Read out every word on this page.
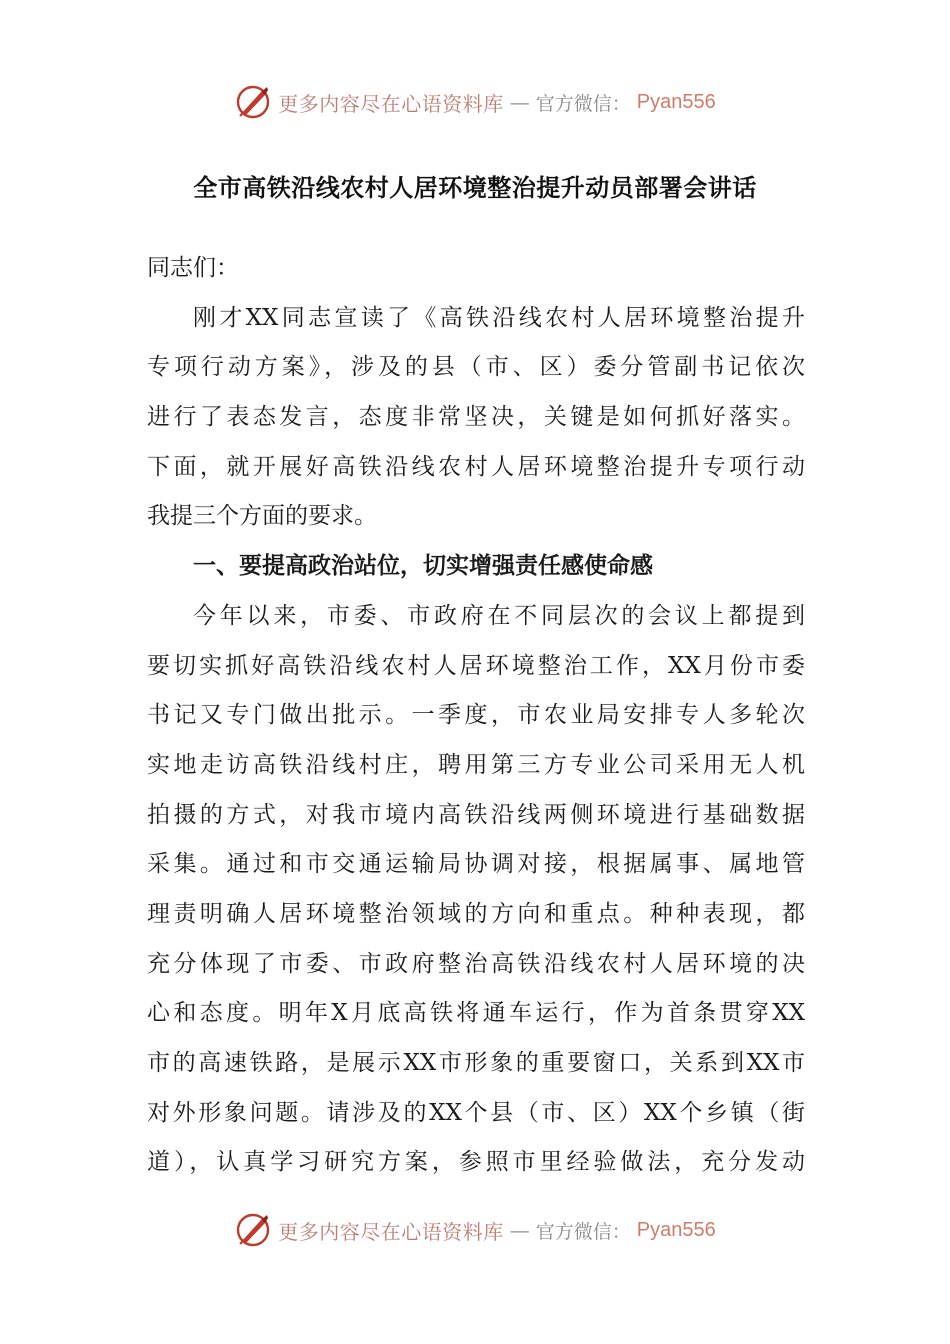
更多内容尽在心语资料库 — 官方微信： Pyan556
全市高铁沿线农村人居环境整治提升动员部署会讲话
同志们：
刚才XX同志宣读了《高铁沿线农村人居环境整治提升
专项行动方案》，涉及的县（市、区）委分管副书记依次
进行了表态发言，态度非常坚决，关键是如何抓好落实。
下面，就开展好高铁沿线农村人居环境整治提升专项行动
我提三个方面的要求。
一、要提高政治站位，切实增强责任感使命感
今年以来，市委、市政府在不同层次的会议上都提到
要切实抓好高铁沿线农村人居环境整治工作，XX月份市委
书记又专门做出批示。一季度，市农业局安排专人多轮次
实地走访高铁沿线村庄，聘用第三方专业公司采用无人机
拍摄的方式，对我市境内高铁沿线两侧环境进行基础数据
采集。通过和市交通运输局协调对接，根据属事、属地管
理责明确人居环境整治领域的方向和重点。种种表现，都
充分体现了市委、市政府整治高铁沿线农村人居环境的决
心和态度。明年X月底高铁将通车运行，作为首条贯穿XX
市的高速铁路，是展示XX市形象的重要窗口，关系到XX市
对外形象问题。请涉及的XX个县（市、区）XX个乡镇（街
道），认真学习研究方案，参照市里经验做法，充分发动
更多内容尽在心语资料库 — 官方微信： Pyan556
